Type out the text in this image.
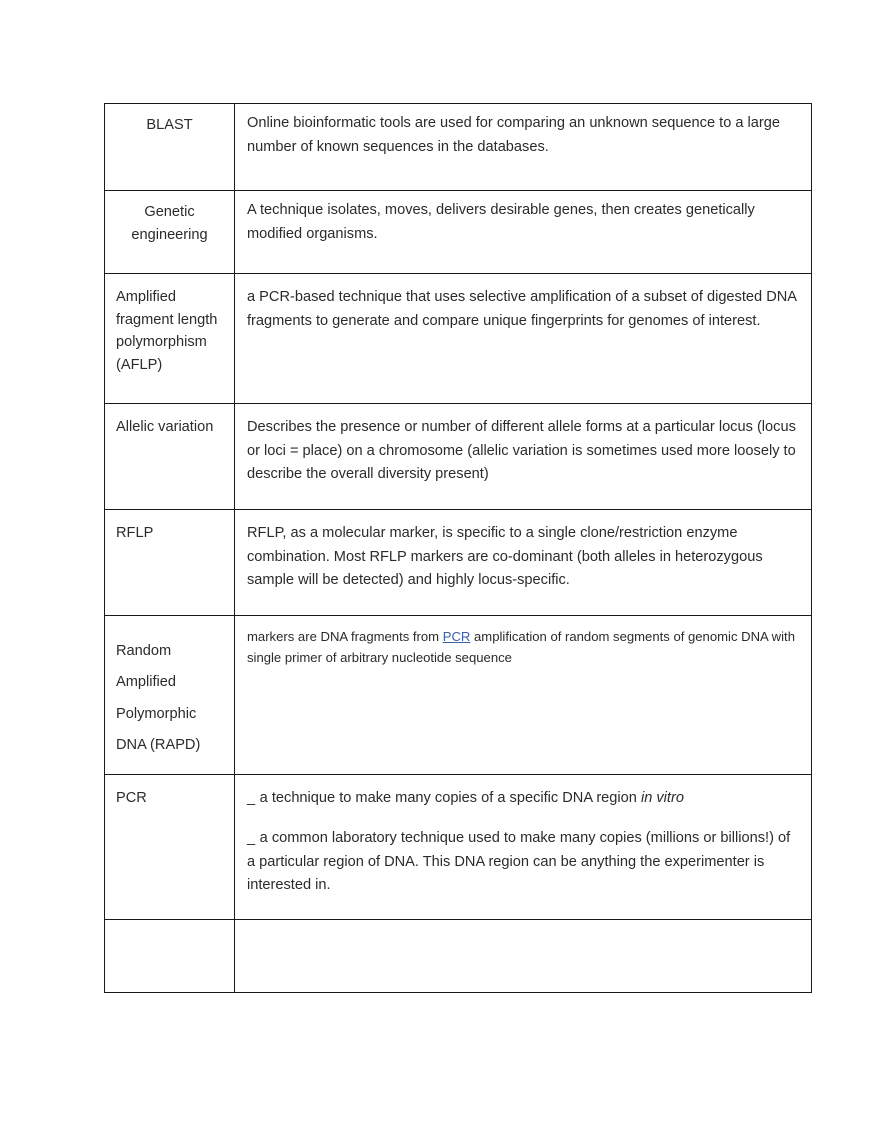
BLAST	Online bioinformatic tools are used for comparing an unknown sequence to a large number of known sequences in the databases.

Genetic engineering	A technique isolates, moves, delivers desirable genes, then creates genetically modified organisms.

Amplified fragment length polymorphism (AFLP)	a PCR-based technique that uses selective amplification of a subset of digested DNA fragments to generate and compare unique fingerprints for genomes of interest.

Allelic variation	Describes the presence or number of different allele forms at a particular locus (locus or loci = place) on a chromosome (allelic variation is sometimes used more loosely to describe the overall diversity present)

RFLP	RFLP, as a molecular marker, is specific to a single clone/restriction enzyme combination. Most RFLP markers are co-dominant (both alleles in heterozygous sample will be detected) and highly locus-specific.

Random Amplified Polymorphic DNA (RAPD)	markers are DNA fragments from PCR amplification of random segments of genomic DNA with single primer of arbitrary nucleotide sequence

PCR	_ a technique to make many copies of a specific DNA region in vitro

_ a common laboratory technique used to make many copies (millions or billions!) of a particular region of DNA. This DNA region can be anything the experimenter is interested in.
